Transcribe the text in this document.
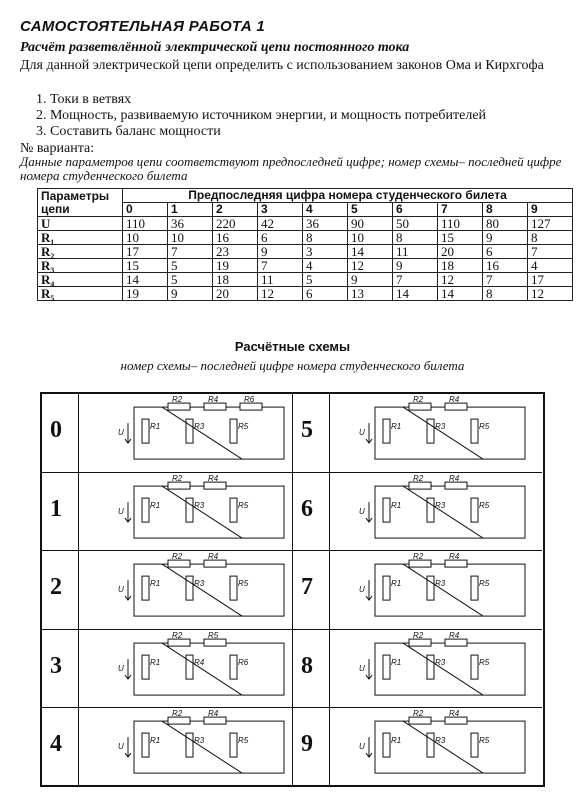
САМОСТОЯТЕЛЬНАЯ РАБОТА 1
Расчёт разветвлённой электрической цепи постоянного тока
Для данной электрической цепи определить с использованием законов Ома и Кирхгофа
1. Токи в ветвях
2. Мощность, развиваемую источником энергии, и мощность потребителей
3. Составить баланс мощности
№ варианта:
Данные параметров цепи соответствуют предпоследней цифре; номер схемы– последней цифре номера студенческого билета
Параметры цепи	Предпоследняя цифра номера студенческого билета									
	0	1	2	3	4	5	6	7	8	9
U	110	36	220	42	36	90	50	110	80	127
R₁	10	10	16	6	8	10	8	15	9	8
R₂	17	7	23	9	3	14	11	20	6	7
R₃	15	5	19	7	4	12	9	18	16	4
R₄	14	5	18	11	5	9	7	12	7	17
R₅	19	9	20	12	6	13	14	14	8	12
Расчётные схемы
номер схемы– последней цифре номера студенческого билета
0	R1
R2
R3
R4
R5
R6
U
1	R1
R2
R3
R4
R5
U
2	R1
R2
R3
R4
R5
U
3	R1
R2
R4
R5
R6
U
4	R1
R2
R3
R4
R5
U
5	R1
R2
R3
R4
R5
U
6	R1
R2
R3
R4
R5
U
7	R1
R2
R3
R4
R5
U
8	R1
R2
R3
R4
R5
U
9	R1
R2
R3
R4
R5
U
